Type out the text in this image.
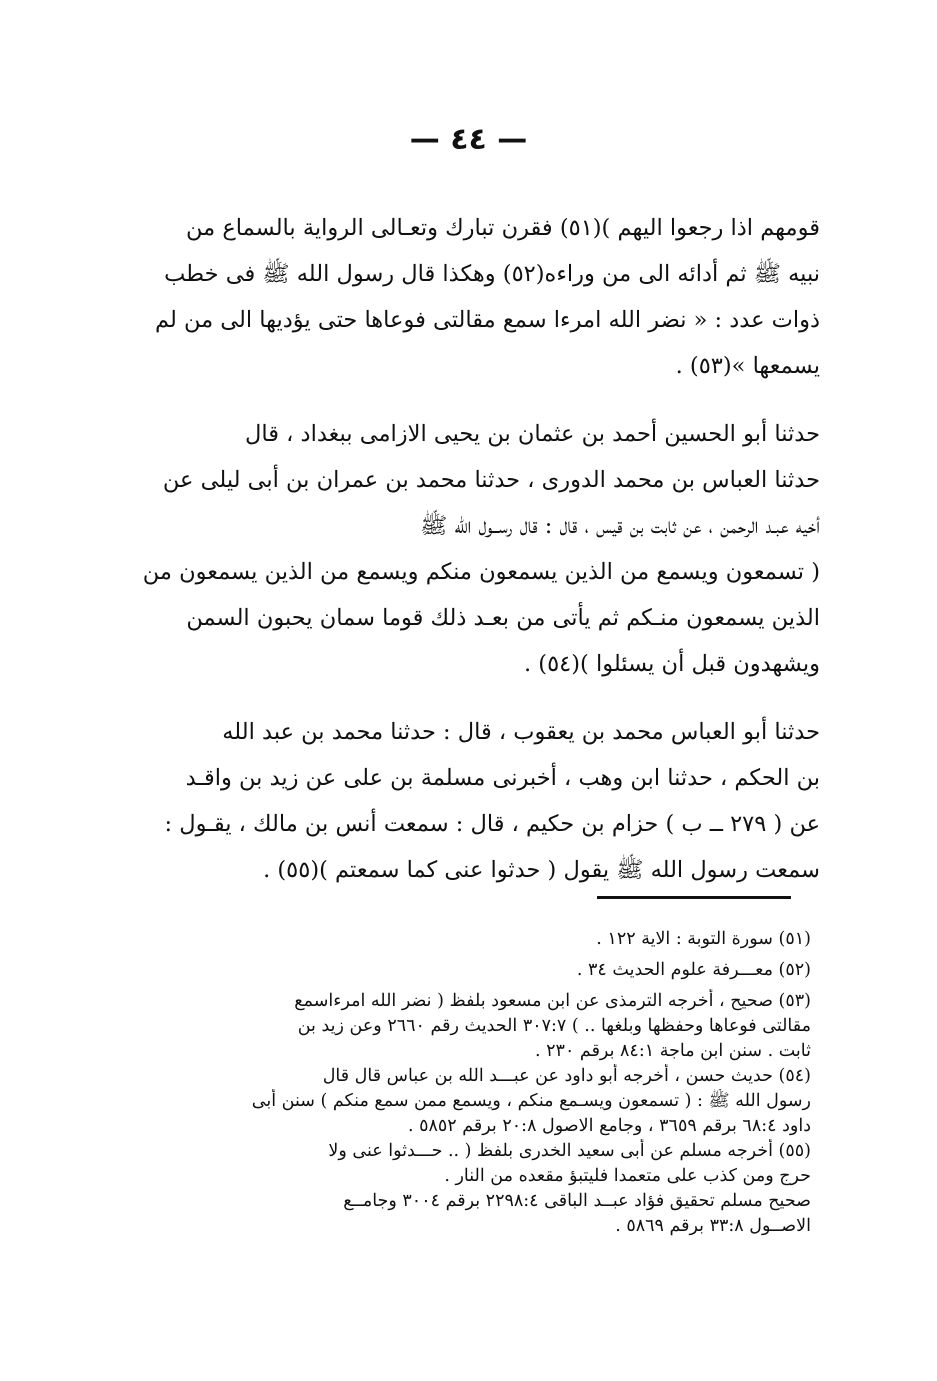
— ٤٤ —
قومهم اذا رجعوا اليهم )(٥١) فقرن تبارك وتعـالى الرواية بالسماع من
نبيه ﷺ ثم أدائه الى من وراءه(٥٢) وهكذا قال رسول الله ﷺ فى خطب
ذوات عدد : « نضر الله امرءا سمع مقالتى فوعاها حتى يؤديها الى من لم
يسمعها »(٥٣) .
حدثنا أبو الحسين أحمد بن عثمان بن يحيى الازامى ببغداد ، قال
حدثنا العباس بن محمد الدورى ، حدثنا محمد بن عمران بن أبى ليلى عن
أخيه عبـد الرحمن ، عن ثابت بن قيس ، قال : قال رســول الله ﷺ
( تسمعون ويسمع من الذين يسمعون منكم ويسمع من الذين يسمعون من
الذين يسمعون منـكم ثم يأتى من بعـد ذلك قوما سمان يحبون السمن
ويشهدون قبل أن يسئلوا )(٥٤) .
حدثنا أبو العباس محمد بن يعقوب ، قال : حدثنا محمد بن عبد الله
بن الحكم ، حدثنا ابن وهب ، أخبرنى مسلمة بن على عن زيد بن واقـد
عن ( ٢٧٩ ــ ب ) حزام بن حكيم ، قال : سمعت أنس بن مالك ، يقـول :
سمعت رسول الله ﷺ يقول ( حدثوا عنى كما سمعتم )(٥٥) .
(٥١) سورة التوبة : الاية ١٢٢ .
(٥٢) معـــرفة علوم الحديث ٣٤ .
(٥٣) صحيح ، أخرجه الترمذى عن ابن مسعود بلفظ ( نضر الله امرءاسمع
مقالتى فوعاها وحفظها وبلغها .. ) ٣٠٧:٧ الحديث رقم ٢٦٦٠ وعن زيد بن
ثابت . سنن ابن ماجة ٨٤:١ برقم ٢٣٠ .
(٥٤) حديث حسن ، أخرجه أبو داود عن عبـــد الله بن عباس قال قال
رسول الله ﷺ : ( تسمعون ويسـمع منكم ، ويسمع ممن سمع منكم ) سنن أبى
داود ٦٨:٤ برقم ٣٦٥٩ ، وجامع الاصول ٢٠:٨ برقم ٥٨٥٢ .
(٥٥) أخرجه مسلم عن أبى سعيد الخدرى بلفظ ( .. حـــدثوا عنى ولا
حرج ومن كذب على متعمدا فليتبؤ مقعده من النار .
صحيح مسلم تحقيق فؤاد عبــد الباقى ٢٢٩٨:٤ برقم ٣٠٠٤ وجامــع
الاصــول ٣٣:٨ برقم ٥٨٦٩ .
